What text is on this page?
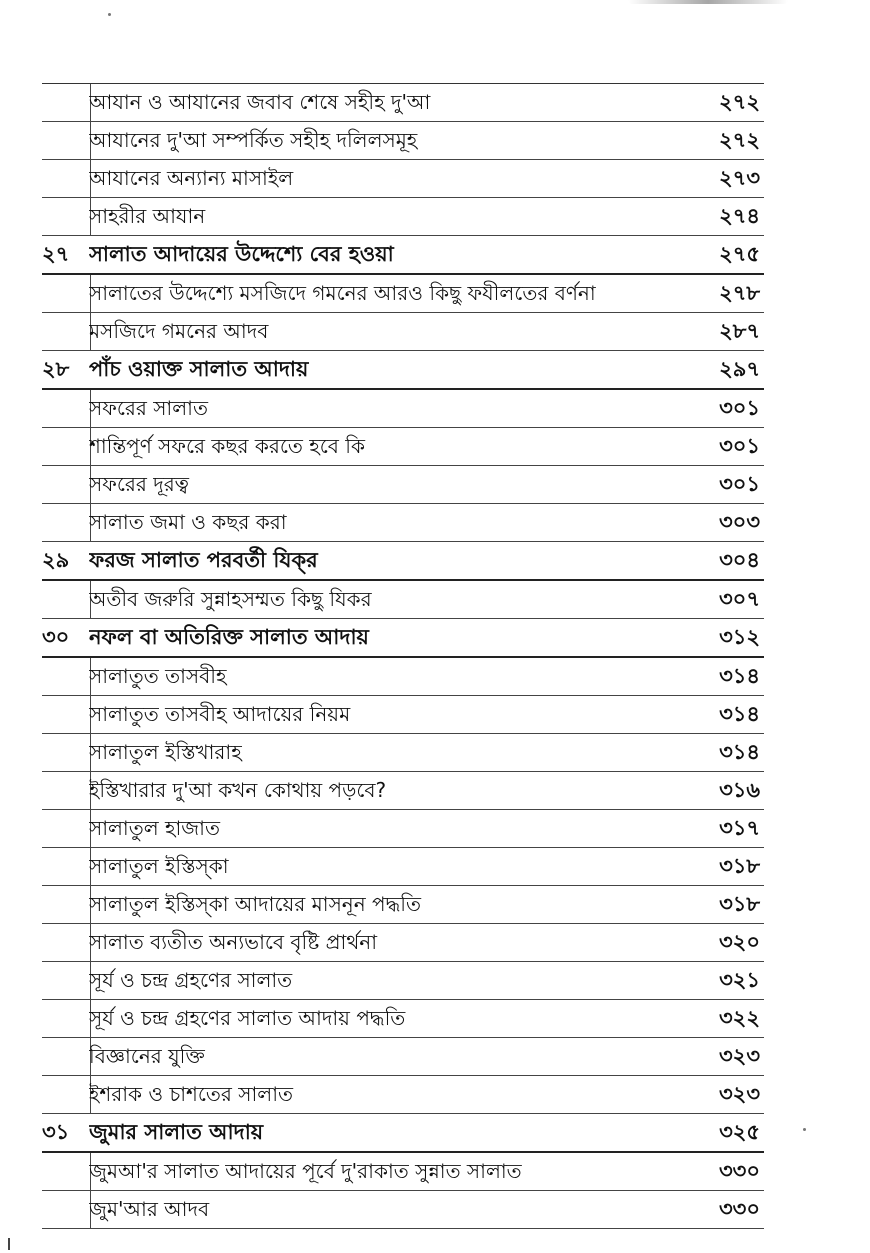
আযান ও আযানের জবাব শেষে সহীহ দু'আ	২৭২
আযানের দু'আ সম্পর্কিত সহীহ দলিলসমূহ	২৭২
আযানের অন্যান্য মাসাইল	২৭৩
সাহরীর আযান	২৭৪
২৭ সালাত আদায়ের উদ্দেশ্যে বের হওয়া	২৭৫
সালাতের উদ্দেশ্যে মসজিদে গমনের আরও কিছু ফযীলতের বর্ণনা	২৭৮
মসজিদে গমনের আদব	২৮৭
২৮ পাঁচ ওয়াক্ত সালাত আদায়	২৯৭
সফরের সালাত	৩০১
শান্তিপূর্ণ সফরে কছর করতে হবে কি	৩০১
সফরের দূরত্ব	৩০১
সালাত জমা ও কছর করা	৩০৩
২৯ ফরজ সালাত পরবর্তী যিক্‌র	৩০৪
অতীব জরুরি সুন্নাহসম্মত কিছু যিকর	৩০৭
৩০ নফল বা অতিরিক্ত সালাত আদায়	৩১২
সালাতুত তাসবীহ	৩১৪
সালাতুত তাসবীহ আদায়ের নিয়ম	৩১৪
সালাতুল ইস্তিখারাহ	৩১৪
ইস্তিখারার দু'আ কখন কোথায় পড়বে?	৩১৬
সালাতুল হাজাত	৩১৭
সালাতুল ইস্তিস্‌কা	৩১৮
সালাতুল ইস্তিস্‌কা আদায়ের মাসনূন পদ্ধতি	৩১৮
সালাত ব্যতীত অন্যভাবে বৃষ্টি প্রার্থনা	৩২০
সূর্য ও চন্দ্র গ্রহণের সালাত	৩২১
সূর্য ও চন্দ্র গ্রহণের সালাত আদায় পদ্ধতি	৩২২
বিজ্ঞানের যুক্তি	৩২৩
ইশরাক ও চাশতের সালাত	৩২৩
৩১ জুমার সালাত আদায়	৩২৫
জুমআ'র সালাত আদায়ের পূর্বে দু'রাকাত সুন্নাত সালাত	৩৩০
জুম'আর আদব	৩৩০
